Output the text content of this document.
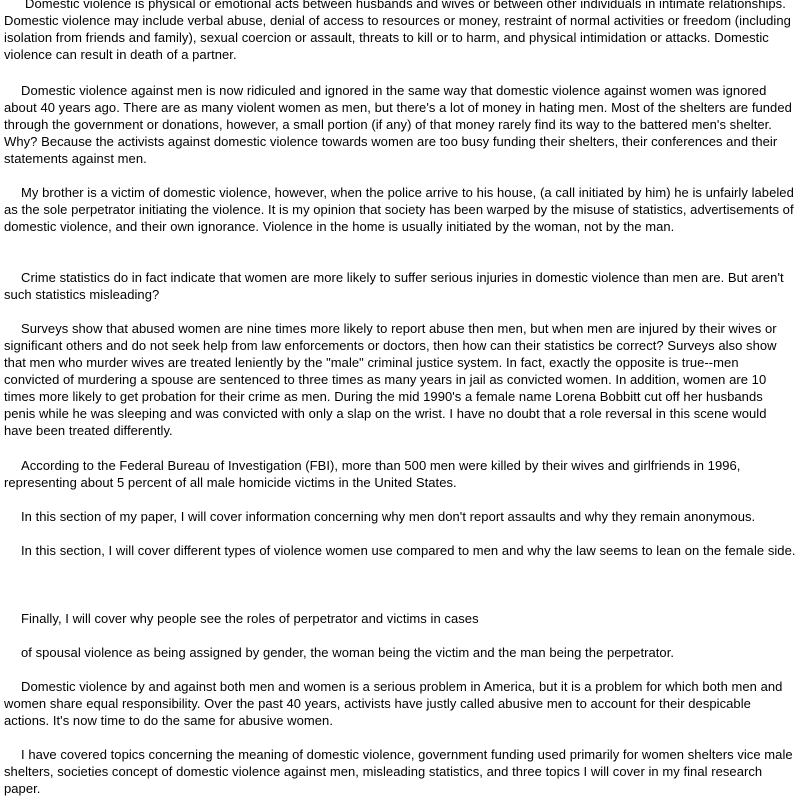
Domestic violence is physical or emotional acts between husbands and wives or between other individuals in intimate relationships. Domestic violence may include verbal abuse, denial of access to resources or money, restraint of normal activities or freedom (including isolation from friends and family), sexual coercion or assault, threats to kill or to harm, and physical intimidation or attacks. Domestic violence can result in death of a partner.

Domestic violence against men is now ridiculed and ignored in the same way that domestic violence against women was ignored about 40 years ago. There are as many violent women as men, but there's a lot of money in hating men. Most of the shelters are funded through the government or donations, however, a small portion (if any) of that money rarely find its way to the battered men's shelter. Why? Because the activists against domestic violence towards women are too busy funding their shelters, their conferences and their statements against men.

My brother is a victim of domestic violence, however, when the police arrive to his house, (a call initiated by him) he is unfairly labeled as the sole perpetrator initiating the violence. It is my opinion that society has been warped by the misuse of statistics, advertisements of domestic violence, and their own ignorance. Violence in the home is usually initiated by the woman, not by the man.

Crime statistics do in fact indicate that women are more likely to suffer serious injuries in domestic violence than men are. But aren't such statistics misleading?

Surveys show that abused women are nine times more likely to report abuse then men, but when men are injured by their wives or significant others and do not seek help from law enforcements or doctors, then how can their statistics be correct? Surveys also show that men who murder wives are treated leniently by the "male" criminal justice system. In fact, exactly the opposite is true--men convicted of murdering a spouse are sentenced to three times as many years in jail as convicted women. In addition, women are 10 times more likely to get probation for their crime as men. During the mid 1990's a female name Lorena Bobbitt cut off her husbands penis while he was sleeping and was convicted with only a slap on the wrist. I have no doubt that a role reversal in this scene would have been treated differently.

According to the Federal Bureau of Investigation (FBI), more than 500 men were killed by their wives and girlfriends in 1996, representing about 5 percent of all male homicide victims in the United States.

In this section of my paper, I will cover information concerning why men don't report assaults and why they remain anonymous.

In this section, I will cover different types of violence women use compared to men and why the law seems to lean on the female side.

Finally, I will cover why people see the roles of perpetrator and victims in cases

of spousal violence as being assigned by gender, the woman being the victim and the man being the perpetrator.

Domestic violence by and against both men and women is a serious problem in America, but it is a problem for which both men and women share equal responsibility. Over the past 40 years, activists have justly called abusive men to account for their despicable actions. It's now time to do the same for abusive women.

I have covered topics concerning the meaning of domestic violence, government funding used primarily for women shelters vice male shelters, societies concept of domestic violence against men, misleading statistics, and three topics I will cover in my final research paper.
